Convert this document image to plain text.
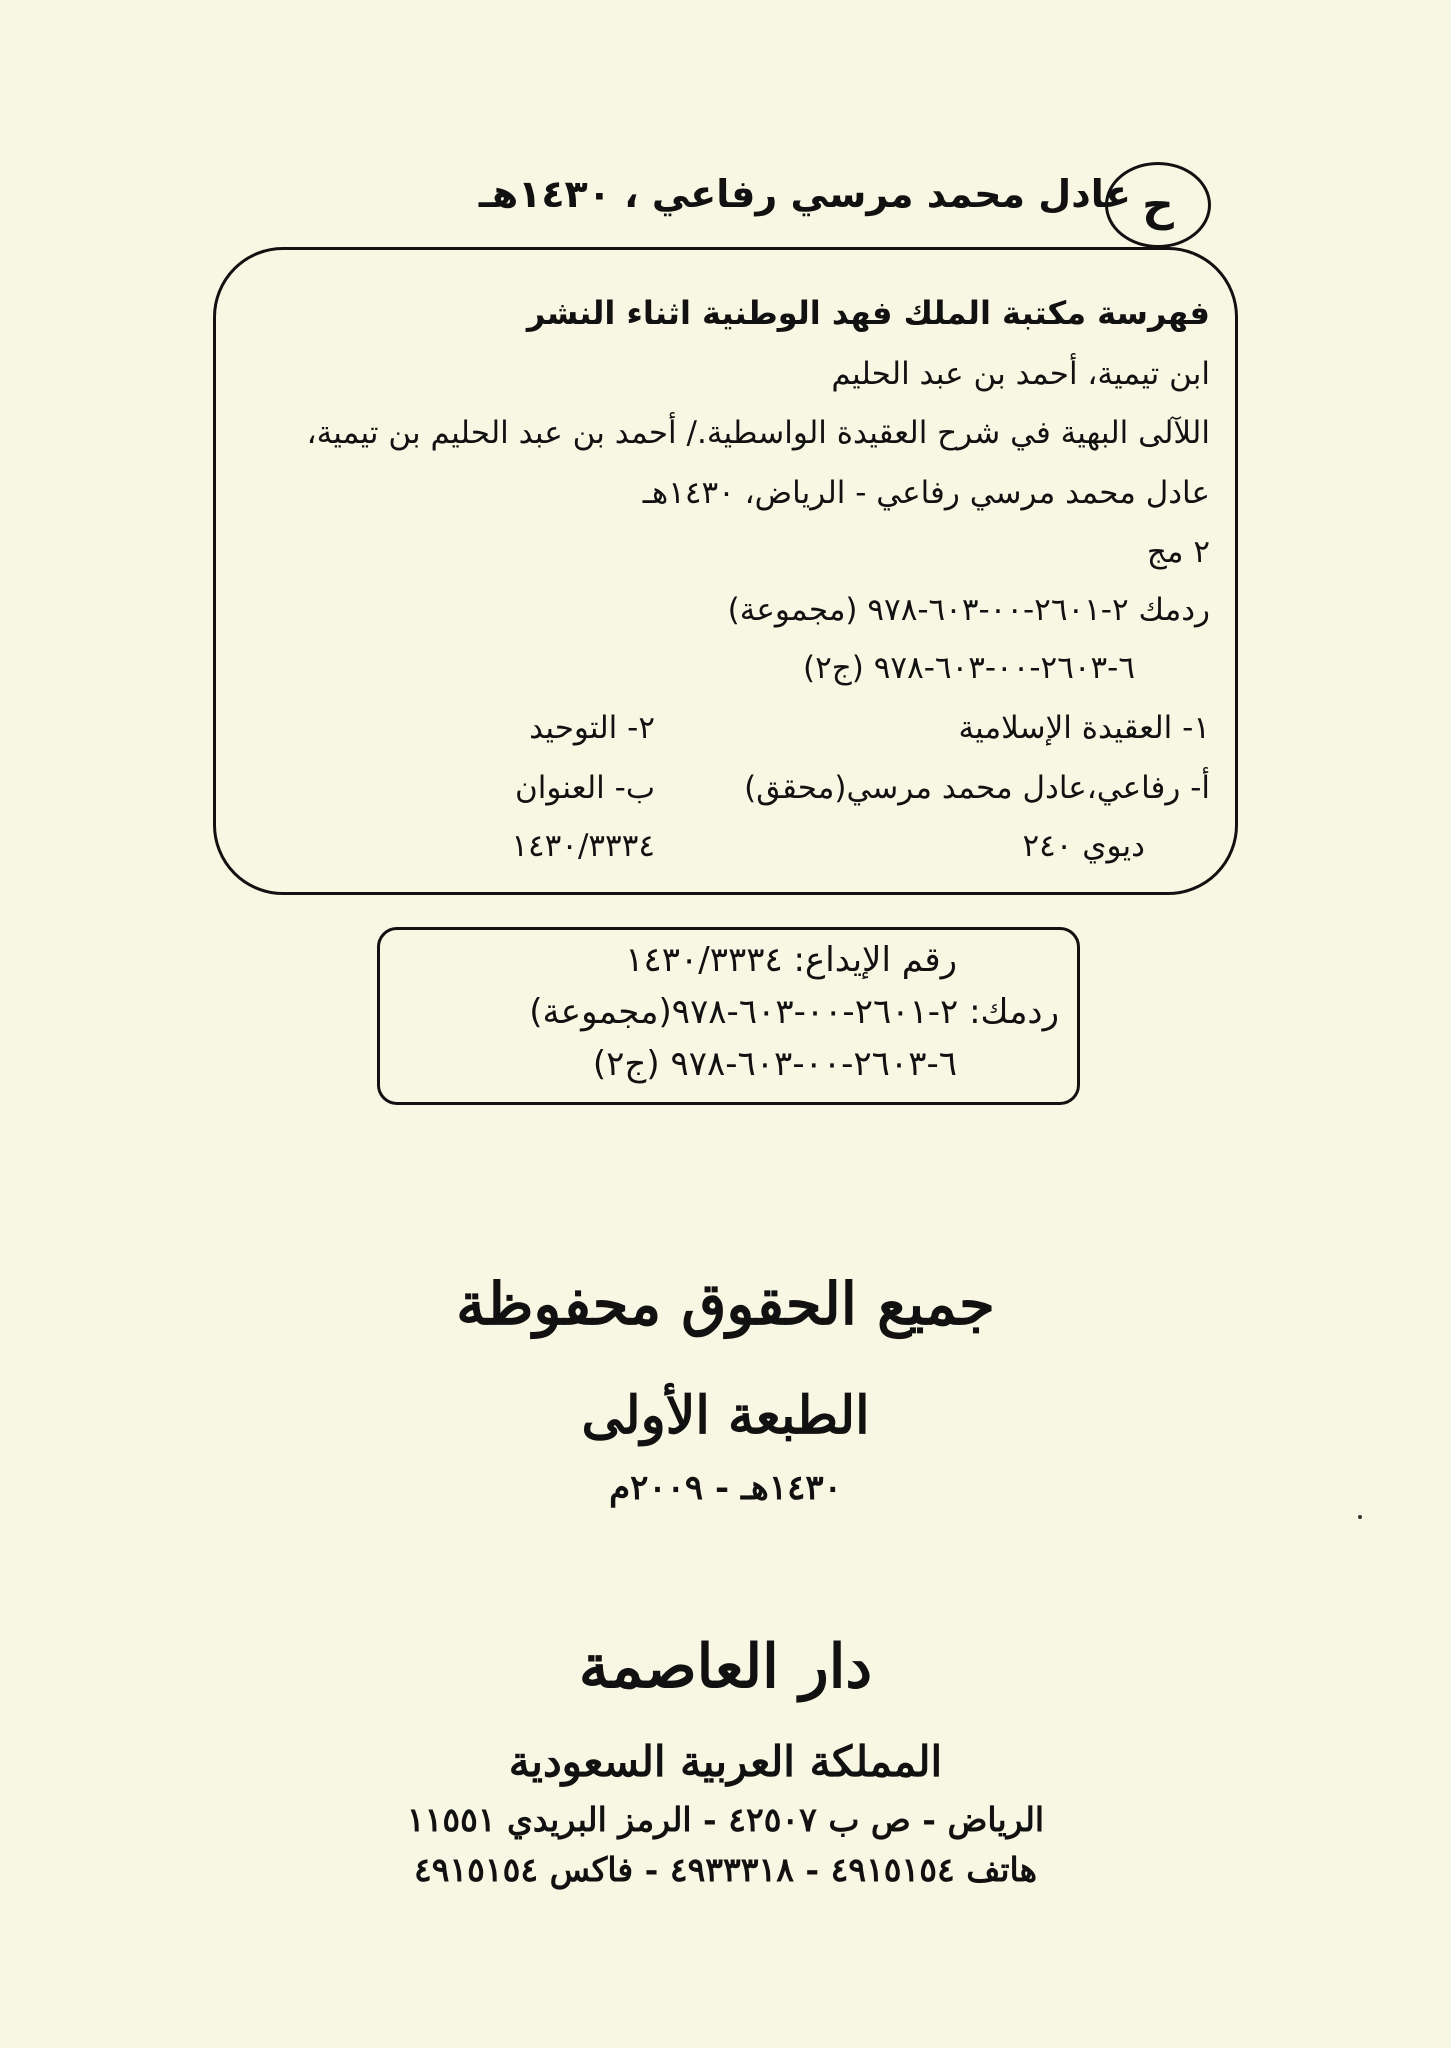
عادل محمد مرسي رفاعي ، ١٤٣٠هـ ح
فهرسة مكتبة الملك فهد الوطنية اثناء النشر
ابن تيمية، أحمد بن عبد الحليم
اللآلى البهية في شرح العقيدة الواسطية./ أحمد بن عبد الحليم بن تيمية،
عادل محمد مرسي رفاعي - الرياض، ١٤٣٠هـ
٢ مج
ردمك ٢-٢٦٠١-٠٠-٦٠٣-٩٧٨ (مجموعة)
٦-٢٦٠٣-٠٠-٦٠٣-٩٧٨ (ج٢)
١- العقيدة الإسلامية
٢- التوحيد
أ- رفاعي،عادل محمد مرسي(محقق)
ب- العنوان
ديوي ٢٤٠
١٤٣٠/٣٣٣٤
رقم الإيداع: ١٤٣٠/٣٣٣٤
ردمك: ٢-٢٦٠١-٠٠-٦٠٣-٩٧٨(مجموعة)
٦-٢٦٠٣-٠٠-٦٠٣-٩٧٨ (ج٢)
جميع الحقوق محفوظة
الطبعة الأولى
١٤٣٠هـ - ٢٠٠٩م
دار العاصمة
المملكة العربية السعودية
الرياض - ص ب ٤٢٥٠٧ - الرمز البريدي ١١٥٥١
هاتف ٤٩١٥١٥٤ - ٤٩٣٣٣١٨ - فاكس ٤٩١٥١٥٤
